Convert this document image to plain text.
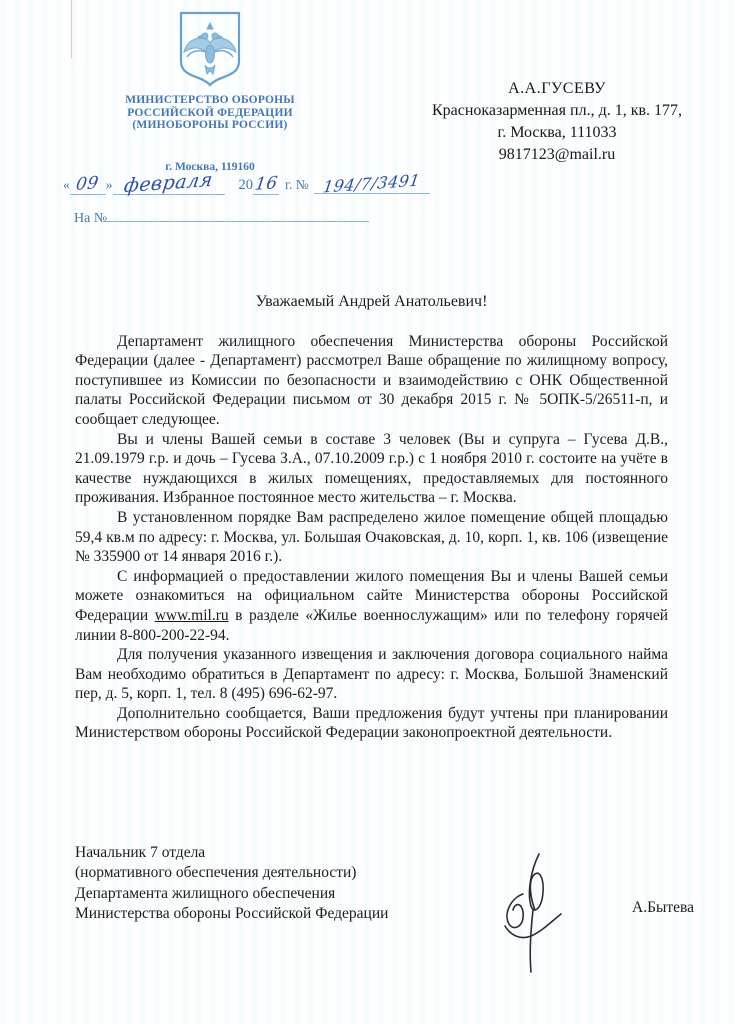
МИНИСТЕРСТВО ОБОРОНЫ
РОССИЙСКОЙ ФЕДЕРАЦИИ
(МИНОБОРОНЫ РОССИИ)
г. Москва, 119160
А.А.ГУСЕВУ
Красноказарменная пл., д. 1, кв. 177,
г. Москва, 111033
9817123@mail.ru
« 09 » февраля 2016 г. № 194/7/3491
На №
Уважаемый Андрей Анатольевич!

Департамент жилищного обеспечения Министерства обороны Российской Федерации (далее - Департамент) рассмотрел Ваше обращение по жилищному вопросу, поступившее из Комиссии по безопасности и взаимодействию с ОНК Общественной палаты Российской Федерации письмом от 30 декабря 2015 г. № 5ОПК-5/26511-п, и сообщает следующее.

Вы и члены Вашей семьи в составе 3 человек (Вы и супруга – Гусева Д.В., 21.09.1979 г.р. и дочь – Гусева З.А., 07.10.2009 г.р.) с 1 ноября 2010 г. состоите на учёте в качестве нуждающихся в жилых помещениях, предоставляемых для постоянного проживания. Избранное постоянное место жительства – г. Москва.

В установленном порядке Вам распределено жилое помещение общей площадью 59,4 кв.м по адресу: г. Москва, ул. Большая Очаковская, д. 10, корп. 1, кв. 106 (извещение № 335900 от 14 января 2016 г.).

С информацией о предоставлении жилого помещения Вы и члены Вашей семьи можете ознакомиться на официальном сайте Министерства обороны Российской Федерации www.mil.ru в разделе «Жилье военнослужащим» или по телефону горячей линии 8-800-200-22-94.

Для получения указанного извещения и заключения договора социального найма Вам необходимо обратиться в Департамент по адресу: г. Москва, Большой Знаменский пер, д. 5, корп. 1, тел. 8 (495) 696-62-97.

Дополнительно сообщается, Ваши предложения будут учтены при планировании Министерством обороны Российской Федерации законопроектной деятельности.

Начальник 7 отдела
(нормативного обеспечения деятельности)
Департамента жилищного обеспечения
Министерства обороны Российской Федерации	А.Бытева
